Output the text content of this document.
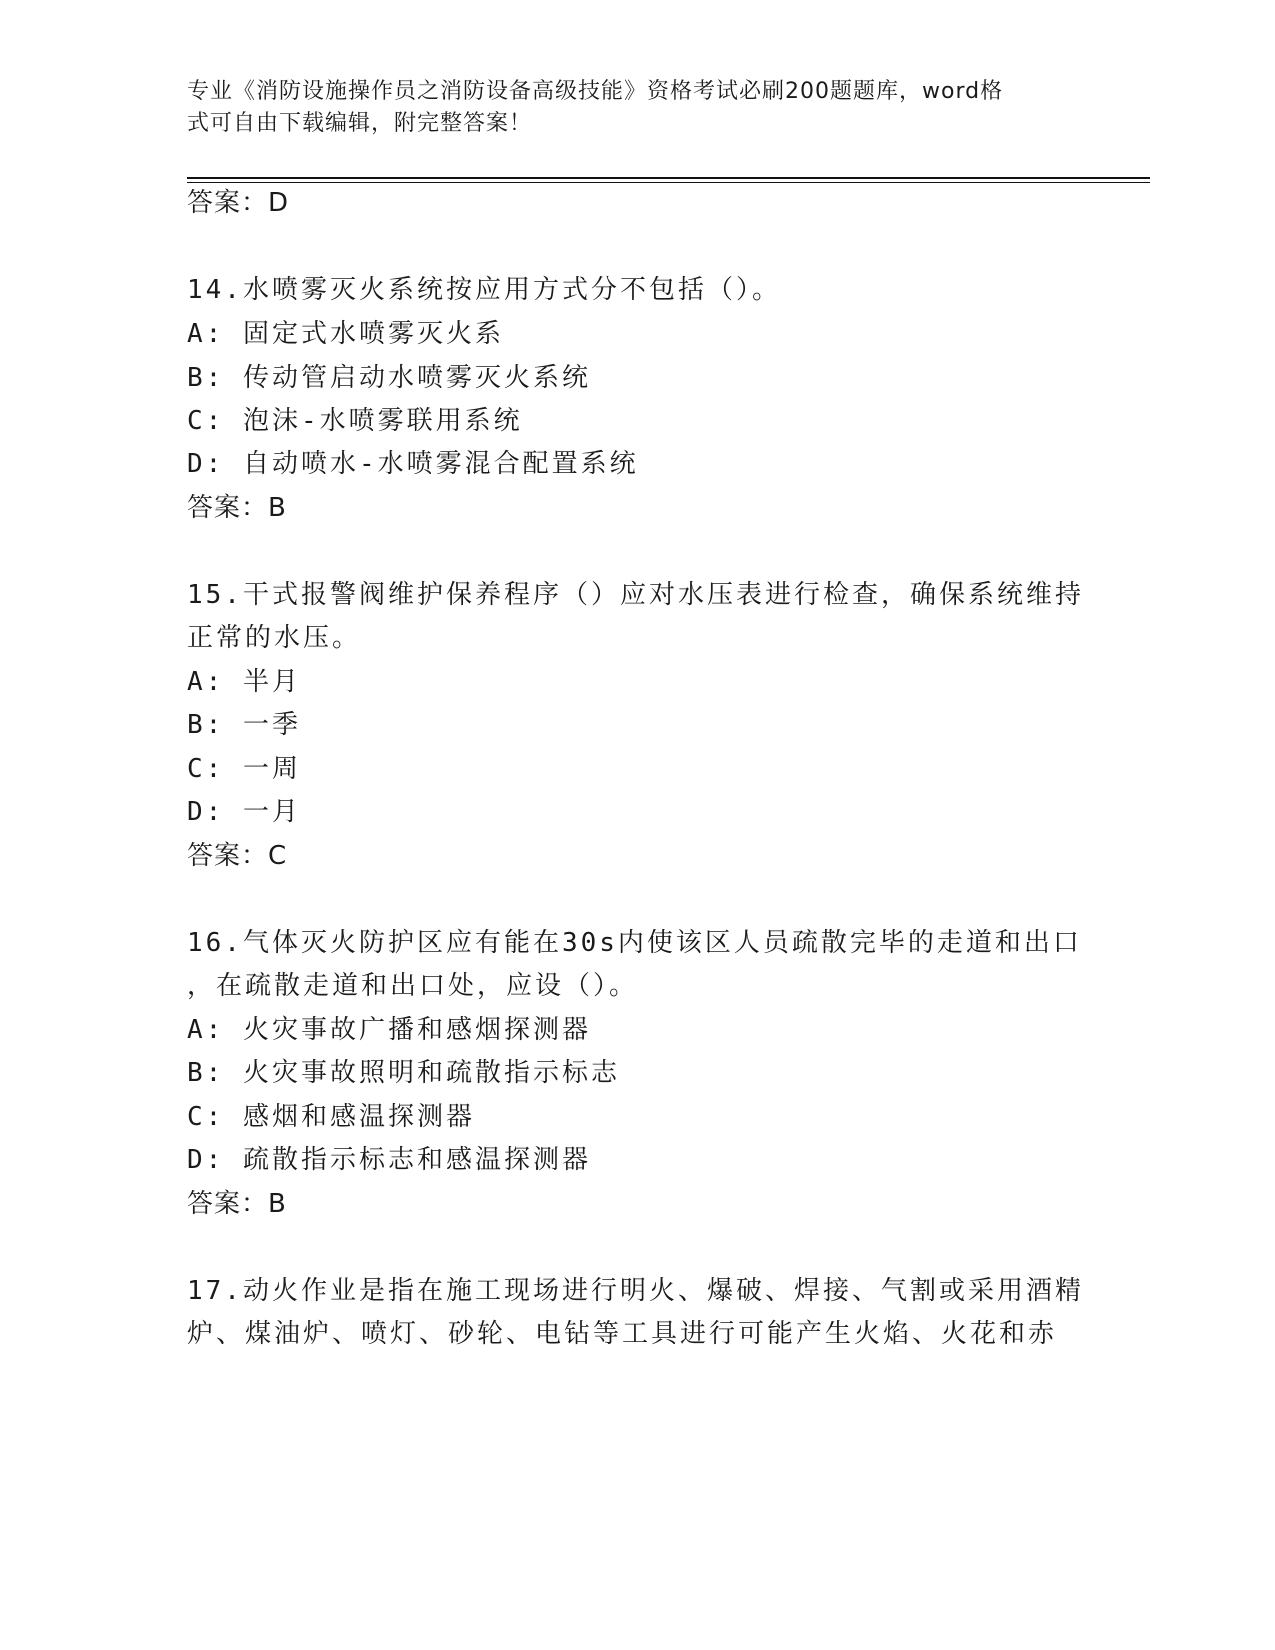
专业《消防设施操作员之消防设备高级技能》资格考试必刷200题题库，word格
式可自由下载编辑，附完整答案！
答案：D
14.水喷雾灭火系统按应用方式分不包括（）。
A: 固定式水喷雾灭火系
B: 传动管启动水喷雾灭火系统
C: 泡沫-水喷雾联用系统
D: 自动喷水-水喷雾混合配置系统
答案：B
15.干式报警阀维护保养程序（）应对水压表进行检查，确保系统维持
正常的水压。
A: 半月
B: 一季
C: 一周
D: 一月
答案：C
16.气体灭火防护区应有能在30s内使该区人员疏散完毕的走道和出口
，在疏散走道和出口处，应设（）。
A: 火灾事故广播和感烟探测器
B: 火灾事故照明和疏散指示标志
C: 感烟和感温探测器
D: 疏散指示标志和感温探测器
答案：B
17.动火作业是指在施工现场进行明火、爆破、焊接、气割或采用酒精
炉、煤油炉、喷灯、砂轮、电钻等工具进行可能产生火焰、火花和赤
